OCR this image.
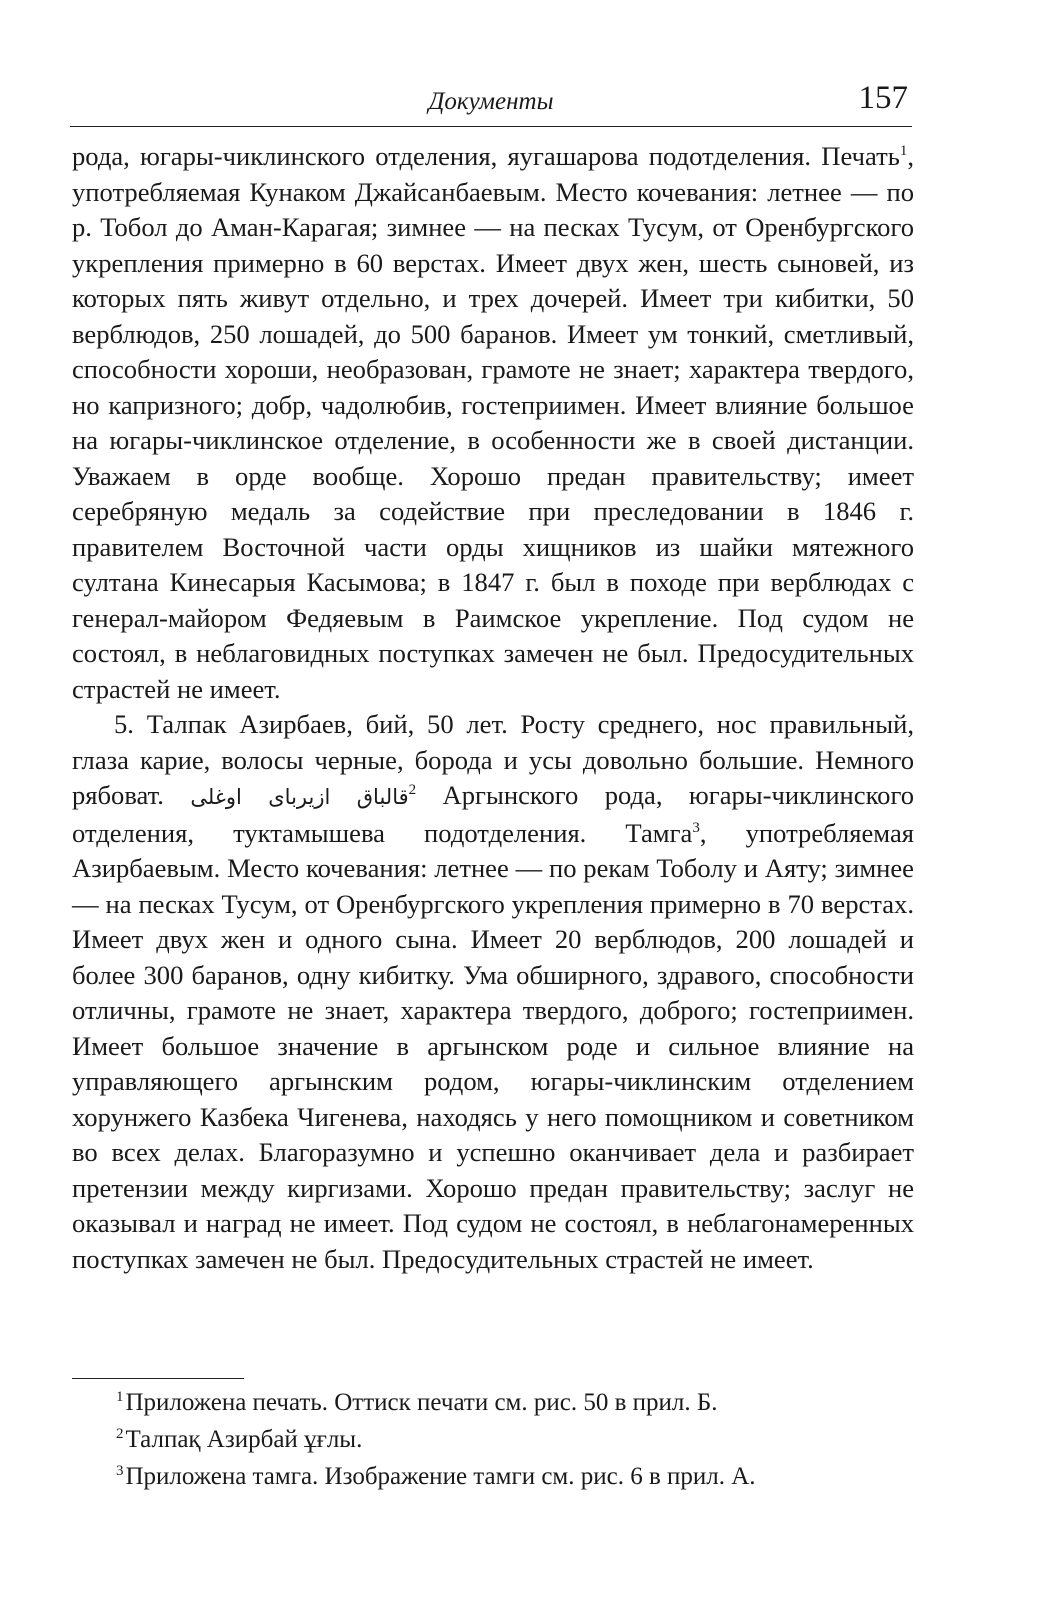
Документы	157

рода, югары-чиклинского отделения, яугашарова подотделения. Печать$^1$, употребляемая Кунаком Джайсанбаевым. Место кочевания: летнее — по р. Тобол до Аман-Карагая; зимнее — на песках Тусум, от Оренбургского укрепления примерно в 60 верстах. Имеет двух жен, шесть сыновей, из которых пять живут отдельно, и трех дочерей. Имеет три кибитки, 50 верблюдов, 250 лошадей, до 500 баранов. Имеет ум тонкий, сметливый, способности хороши, необразован, грамоте не знает; характера твердого, но капризного; добр, чадолюбив, гостеприимен. Имеет влияние большое на югары-чиклинское отделение, в особенности же в своей дистанции. Уважаем в орде вообще. Хорошо предан правительству; имеет серебряную медаль за содействие при преследовании в 1846 г. правителем Восточной части орды хищников из шайки мятежного султана Кинесарыя Касымова; в 1847 г. был в походе при верблюдах с генерал-майором Федяевым в Раимское укрепление. Под судом не состоял, в неблаговидных поступках замечен не был. Предосудительных страстей не имеет.

5. Талпак Азирбаев, бий, 50 лет. Росту среднего, нос правильный, глаза карие, волосы черные, борода и усы довольно большие. Немного рябоват. قالباق ازيرباى اوغلى$^2$ Аргынского рода, югары-чиклинского отделения, туктамышева подотделения. Тамга$^3$, употребляемая Азирбаевым. Место кочевания: летнее — по рекам Тоболу и Аяту; зимнее — на песках Тусум, от Оренбургского укрепления примерно в 70 верстах. Имеет двух жен и одного сына. Имеет 20 верблюдов, 200 лошадей и более 300 баранов, одну кибитку. Ума обширного, здравого, способности отличны, грамоте не знает, характера твердого, доброго; гостеприимен. Имеет большое значение в аргынском роде и сильное влияние на управляющего аргынским родом, югары-чиклинским отделением хорунжего Казбека Чигенева, находясь у него помощником и советником во всех делах. Благоразумно и успешно оканчивает дела и разбирает претензии между киргизами. Хорошо предан правительству; заслуг не оказывал и наград не имеет. Под судом не состоял, в неблагонамеренных поступках замечен не был. Предосудительных страстей не имеет.

$^1$Приложена печать. Оттиск печати см. рис. 50 в прил. Б.
$^2$Талпақ Азирбай ұғлы.
$^3$Приложена тамга. Изображение тамги см. рис. 6 в прил. А.
